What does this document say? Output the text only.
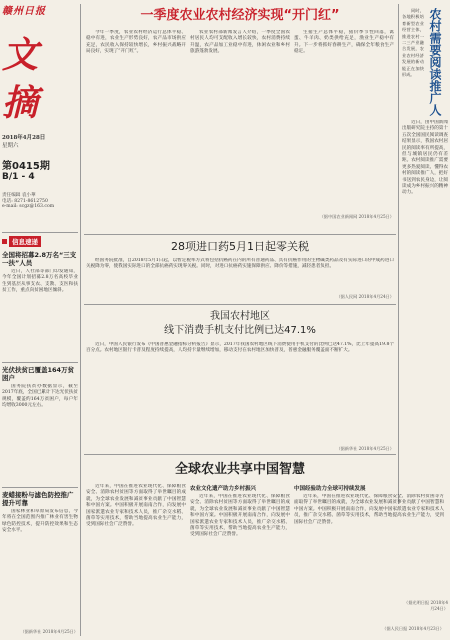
赣州日报
文摘
2018年4月28日
星期六
第0415期
B/1 - 4
责任编辑 袁小華
电话: 8271-8612750
e-mail: scgz@163.com
信息速递
全国将招募2.8万名“三支一扶”人员

近日，人社部等部门印发通知，今年全国计划招募2.8万名高校毕业生到基层从事支农、支教、支医和扶贫工作，重点向贫困地区倾斜。

光伏扶贫已覆盖164万贫困户

国务院扶贫办数据显示，截至2017年底，全国已累计下达光伏扶贫规模，覆盖约164万贫困户，每户年均增收3000元左右。

麦蜡接粉与滤色防控推广提升可靠

国家林业和草原局发布信息，今年将在全国范围内推广林业有害生物绿色防控技术，提升防控效果和生态安全水平。

（据新华社 2018年4月25日）
一季度农业农村经济实现“开门红”

今年一季度，农业农村经济运行总体平稳、稳中有进，农业生产形势良好，农产品市场供应充足，农民收入保持较快增长，乡村振兴战略开局良好，实现了“开门红”。

农业农村部新闻发言人介绍，一季度全国农村居民人均可支配收入增长较快，农村消费持续升温，农产品加工业稳中有进，休闲农业和乡村旅游蓬勃发展。

生猪生产总体平稳，猪价季节性回落，禽蛋、牛羊肉、奶类供给充足，渔业生产稳中有升。下一步将抓好春耕生产，确保全年粮食生产稳定。

（据中国农业新闻网 2018年4月25日）

同时，各地积极培育新型农业经营主体，推进农村一二三产业融合发展，农业农村经济发展的新动能正在加快形成。	农村需要阅读推广人

近日，由中国新闻出版研究院主持的第十五次全国国民阅读调查结果显示，我国农村居民的阅读率有所提高，但与城镇居民仍有差距。农村阅读推广需要更多热爱阅读、懂得农村的阅读推广人，把好书送到农民身边，让阅读成为乡村振兴的精神动力。

（据光明日报 2018年4月24日）
28项进口药5月1日起零关税

经国务院批准，自2018年5月1日起，以暂定税率方式将包括抗癌药在内的所有普通药品、具有抗癌作用的生物碱类药品及有实际进口的中成药进口关税降为零，使我国实际进口的全部抗癌药实现零关税。同时，对进口抗癌药实施保障供应、降价等措施，减轻患者负担。

（据人民网 2018年4月24日）
我国农村地区
线下消费手机支付比例已达47.1%

近日，中国人民银行发布《中国普惠金融指标分析报告》显示，2017年我国农村地区线下消费使用手机支付的比例已达47.1%，比上年提高19.8个百分点。农村地区银行卡普及程度持续提高，人均持卡量继续增加，移动支付在农村地区加快普及，普惠金融服务覆盖面不断扩大。

（据新华社 2018年4月25日）
全球农业共享中国智慧

近年来，中国在推进农业现代化、保障粮食安全、消除农村贫困等方面取得了举世瞩目的成就，为全球农业发展和减贫事业贡献了中国智慧和中国方案。中国积极开展南南合作，向发展中国家派遣农业专家和技术人员，推广杂交水稻、菌草等实用技术，帮助当地提高农业生产能力，受到国际社会广泛赞誉。

农业文化遗产助力乡村振兴

近年来，中国在推进农业现代化、保障粮食安全、消除农村贫困等方面取得了举世瞩目的成就，为全球农业发展和减贫事业贡献了中国智慧和中国方案。中国积极开展南南合作，向发展中国家派遣农业专家和技术人员，推广杂交水稻、菌草等实用技术，帮助当地提高农业生产能力，受到国际社会广泛赞誉。

中国经验助力全球可持续发展

近年来，中国在推进农业现代化、保障粮食安全、消除农村贫困等方面取得了举世瞩目的成就，为全球农业发展和减贫事业贡献了中国智慧和中国方案。中国积极开展南南合作，向发展中国家派遣农业专家和技术人员，推广杂交水稻、菌草等实用技术，帮助当地提高农业生产能力，受到国际社会广泛赞誉。

（据人民日报 2018年4月23日）
